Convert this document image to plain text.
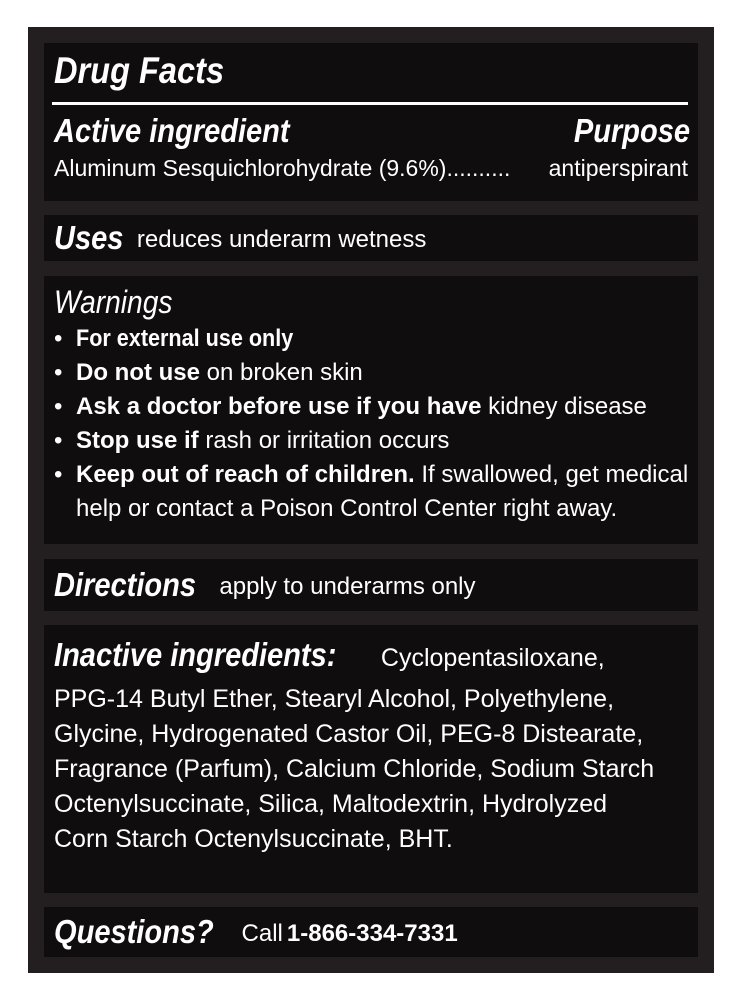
Drug Facts
Active ingredient	Purpose
Aluminum Sesquichlorohydrate (9.6%).......... antiperspirant
Uses reduces underarm wetness
Warnings
• For external use only
• Do not use on broken skin
• Ask a doctor before use if you have kidney disease
• Stop use if rash or irritation occurs
• Keep out of reach of children. If swallowed, get medical
help or contact a Poison Control Center right away.
Directions apply to underarms only
Inactive ingredients: Cyclopentasiloxane,
PPG-14 Butyl Ether, Stearyl Alcohol, Polyethylene,
Glycine, Hydrogenated Castor Oil, PEG-8 Distearate,
Fragrance (Parfum), Calcium Chloride, Sodium Starch
Octenylsuccinate, Silica, Maltodextrin, Hydrolyzed
Corn Starch Octenylsuccinate, BHT.
Questions? Call 1-866-334-7331
